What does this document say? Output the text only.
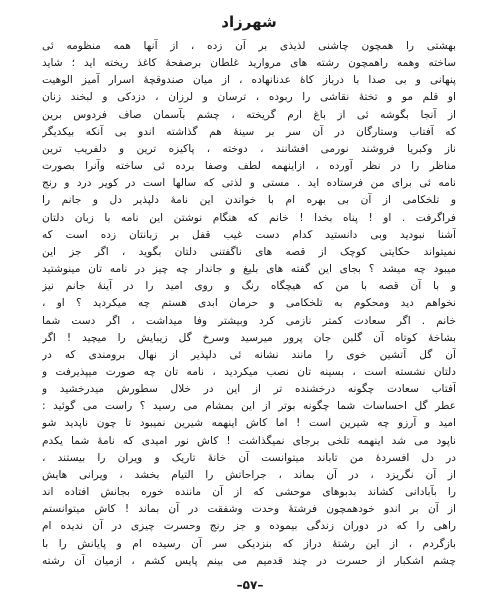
شهرزاد
بهشتی را همچون چاشنی لذیذی بر آن زده ، از آنها همه منظومه ئی
ساخته وهمه راهمچون رشته های مروارید غلطان برصفحهٔ کاغذ ریخته اید ؛ شاید
پنهانی و بی صدا با درباز کاهٔ عدنانهاده ، از میان صندوقچهٔ اسرار آمیز الوهیت
او قلم مو و تختهٔ نقاشی را ربوده ، ترسان و لرزان ، دزدکی و لبخند زنان
از آنجا بگوشه ئی از باغ ارم گریخته ، چشم بآسمان صاف فردوس برین
که آفتاب وستارگان در آن سر بر سینهٔ هم گذاشته اندو بی آنکه بیکدیگر
ناز وکبریا فروشند نورمی افشانند ، دوخته ، پاکیزه ترین و دلفریب ترین
مناظر را در نظر آورده ، ازاینهمه لطف وصفا برده ئی ساخته وآنرا بصورت
نامه ئی برای من فرستاده اید . مستی و لذتی که سالها است در کویر درد و رنج
و تلخکامی از آن بی بهره ام با خواندن این نامهٔ دلپذیر دل و جانم را
فراگرفت . او ! پناه بخدا ! خانم که هنگام نوشتن این نامه با زبان دلتان
آشنا نبودید وبی دانستید کدام دست غیب قفل بر زبانتان زده است که
نمیتواند حکایتی کوچک از قصه های ناگفتنی دلتان بگوید ، اگر جز این
میبود چه میشد ؟ بجای این گفته های بلیغ و جاندار چه چیز در نامه تان مینوشتید
و با آن قصه با من که هیچگاه رنگ و روی امید را در آینهٔ جانم نیز
نخواهم دید ومحکوم به تلخکامی و حرمان ابدی هستم چه میکردید ؟ او ،
خانم . اگر سعادت کمتر نازمی کرد وبیشتر وفا میداشت ، اگر دست شما
بشاخهٔ کوتاه آن گلبن جان پرور میرسید وسرخ گل زیبایش را میچید ! اگر
آن گل آتشین خوی را مانند نشانه ئی دلپذیر از نهال برومندی که در
دلتان نشسته است ، بسینه تان نصب میکردید ، نامه تان چه صورت میپذیرفت و
آفتاب سعادت چگونه درخشنده تر از این در خلال سطورش میدرخشید و
عطر گل احساسات شما چگونه بوتر از این بمشام می رسید ؟ راست می گوئید :
امید و آرزو چه شیرین است ! اما کاش اینهمه شیرین نمیبود تا چون ناپدید شو
ناپود می شد اینهمه تلخی برجای نمیگذاشت ! کاش نور امیدی که نامهٔ شما یکدم
در دل افسردهٔ من تاباند میتوانست آن خانهٔ تاریک و ویران را بیستند ،
از آن نگریزد ، در آن بماند ، جراحاتش را التیام بخشد ، ویرانی هایش
را بآبادانی کشاند بدبوهای موحشی که از آن ماننده خوره بجانش افتاده اند
از آن بر اندو خودهمچون فرشتهٔ وحدت وشفقت در آن بماند ! کاش میتوانستم
راهی را که در دوران زندگی بیموده و جز رنج وحسرت چیزی در آن ندیده ام
بازگردم ، از این رشتهٔ دراز که بنزدیکی سر آن رسیده ام و پایانش را با
چشم اشکبار از حسرت در چند قدمیم می بینم پایس کشم ، ازمیان آن رشته
–۵۷–
